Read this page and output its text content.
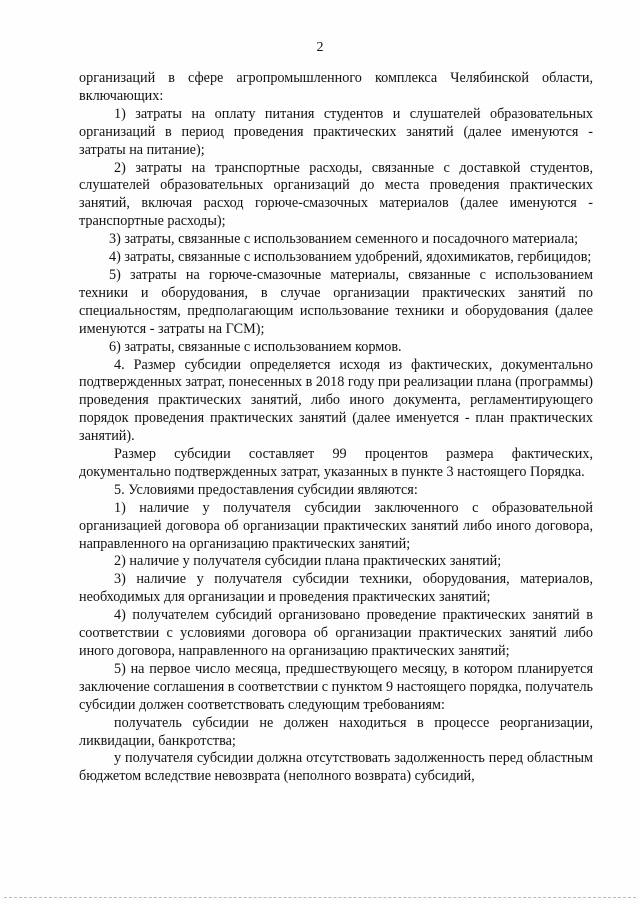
2

организаций в сфере агропромышленного комплекса Челябинской области, включающих:

1) затраты на оплату питания студентов и слушателей образовательных организаций в период проведения практических занятий (далее именуются - затраты на питание);

2) затраты на транспортные расходы, связанные с доставкой студентов, слушателей образовательных организаций до места проведения практических занятий, включая расход горюче-смазочных материалов (далее именуются - транспортные расходы);

3) затраты, связанные с использованием семенного и посадочного материала;

4) затраты, связанные с использованием удобрений, ядохимикатов, гербицидов;

5) затраты на горюче-смазочные материалы, связанные с использованием техники и оборудования, в случае организации практических занятий по специальностям, предполагающим использование техники и оборудования (далее именуются - затраты на ГСМ);

6) затраты, связанные с использованием кормов.

4. Размер субсидии определяется исходя из фактических, документально подтвержденных затрат, понесенных в 2018 году при реализации плана (программы) проведения практических занятий, либо иного документа, регламентирующего порядок проведения практических занятий (далее именуется - план практических занятий).

Размер субсидии составляет 99 процентов размера фактических, документально подтвержденных затрат, указанных в пункте 3 настоящего Порядка.

5. Условиями предоставления субсидии являются:

1) наличие у получателя субсидии заключенного с образовательной организацией договора об организации практических занятий либо иного договора, направленного на организацию практических занятий;

2) наличие у получателя субсидии плана практических занятий;

3) наличие у получателя субсидии техники, оборудования, материалов, необходимых для организации и проведения практических занятий;

4) получателем субсидий организовано проведение практических занятий в соответствии с условиями договора об организации практических занятий либо иного договора, направленного на организацию практических занятий;

5) на первое число месяца, предшествующего месяцу, в котором планируется заключение соглашения в соответствии с пунктом 9 настоящего порядка, получатель субсидии должен соответствовать следующим требованиям:

получатель субсидии не должен находиться в процессе реорганизации, ликвидации, банкротства;

у получателя субсидии должна отсутствовать задолженность перед областным бюджетом вследствие невозврата (неполного возврата) субсидий,
